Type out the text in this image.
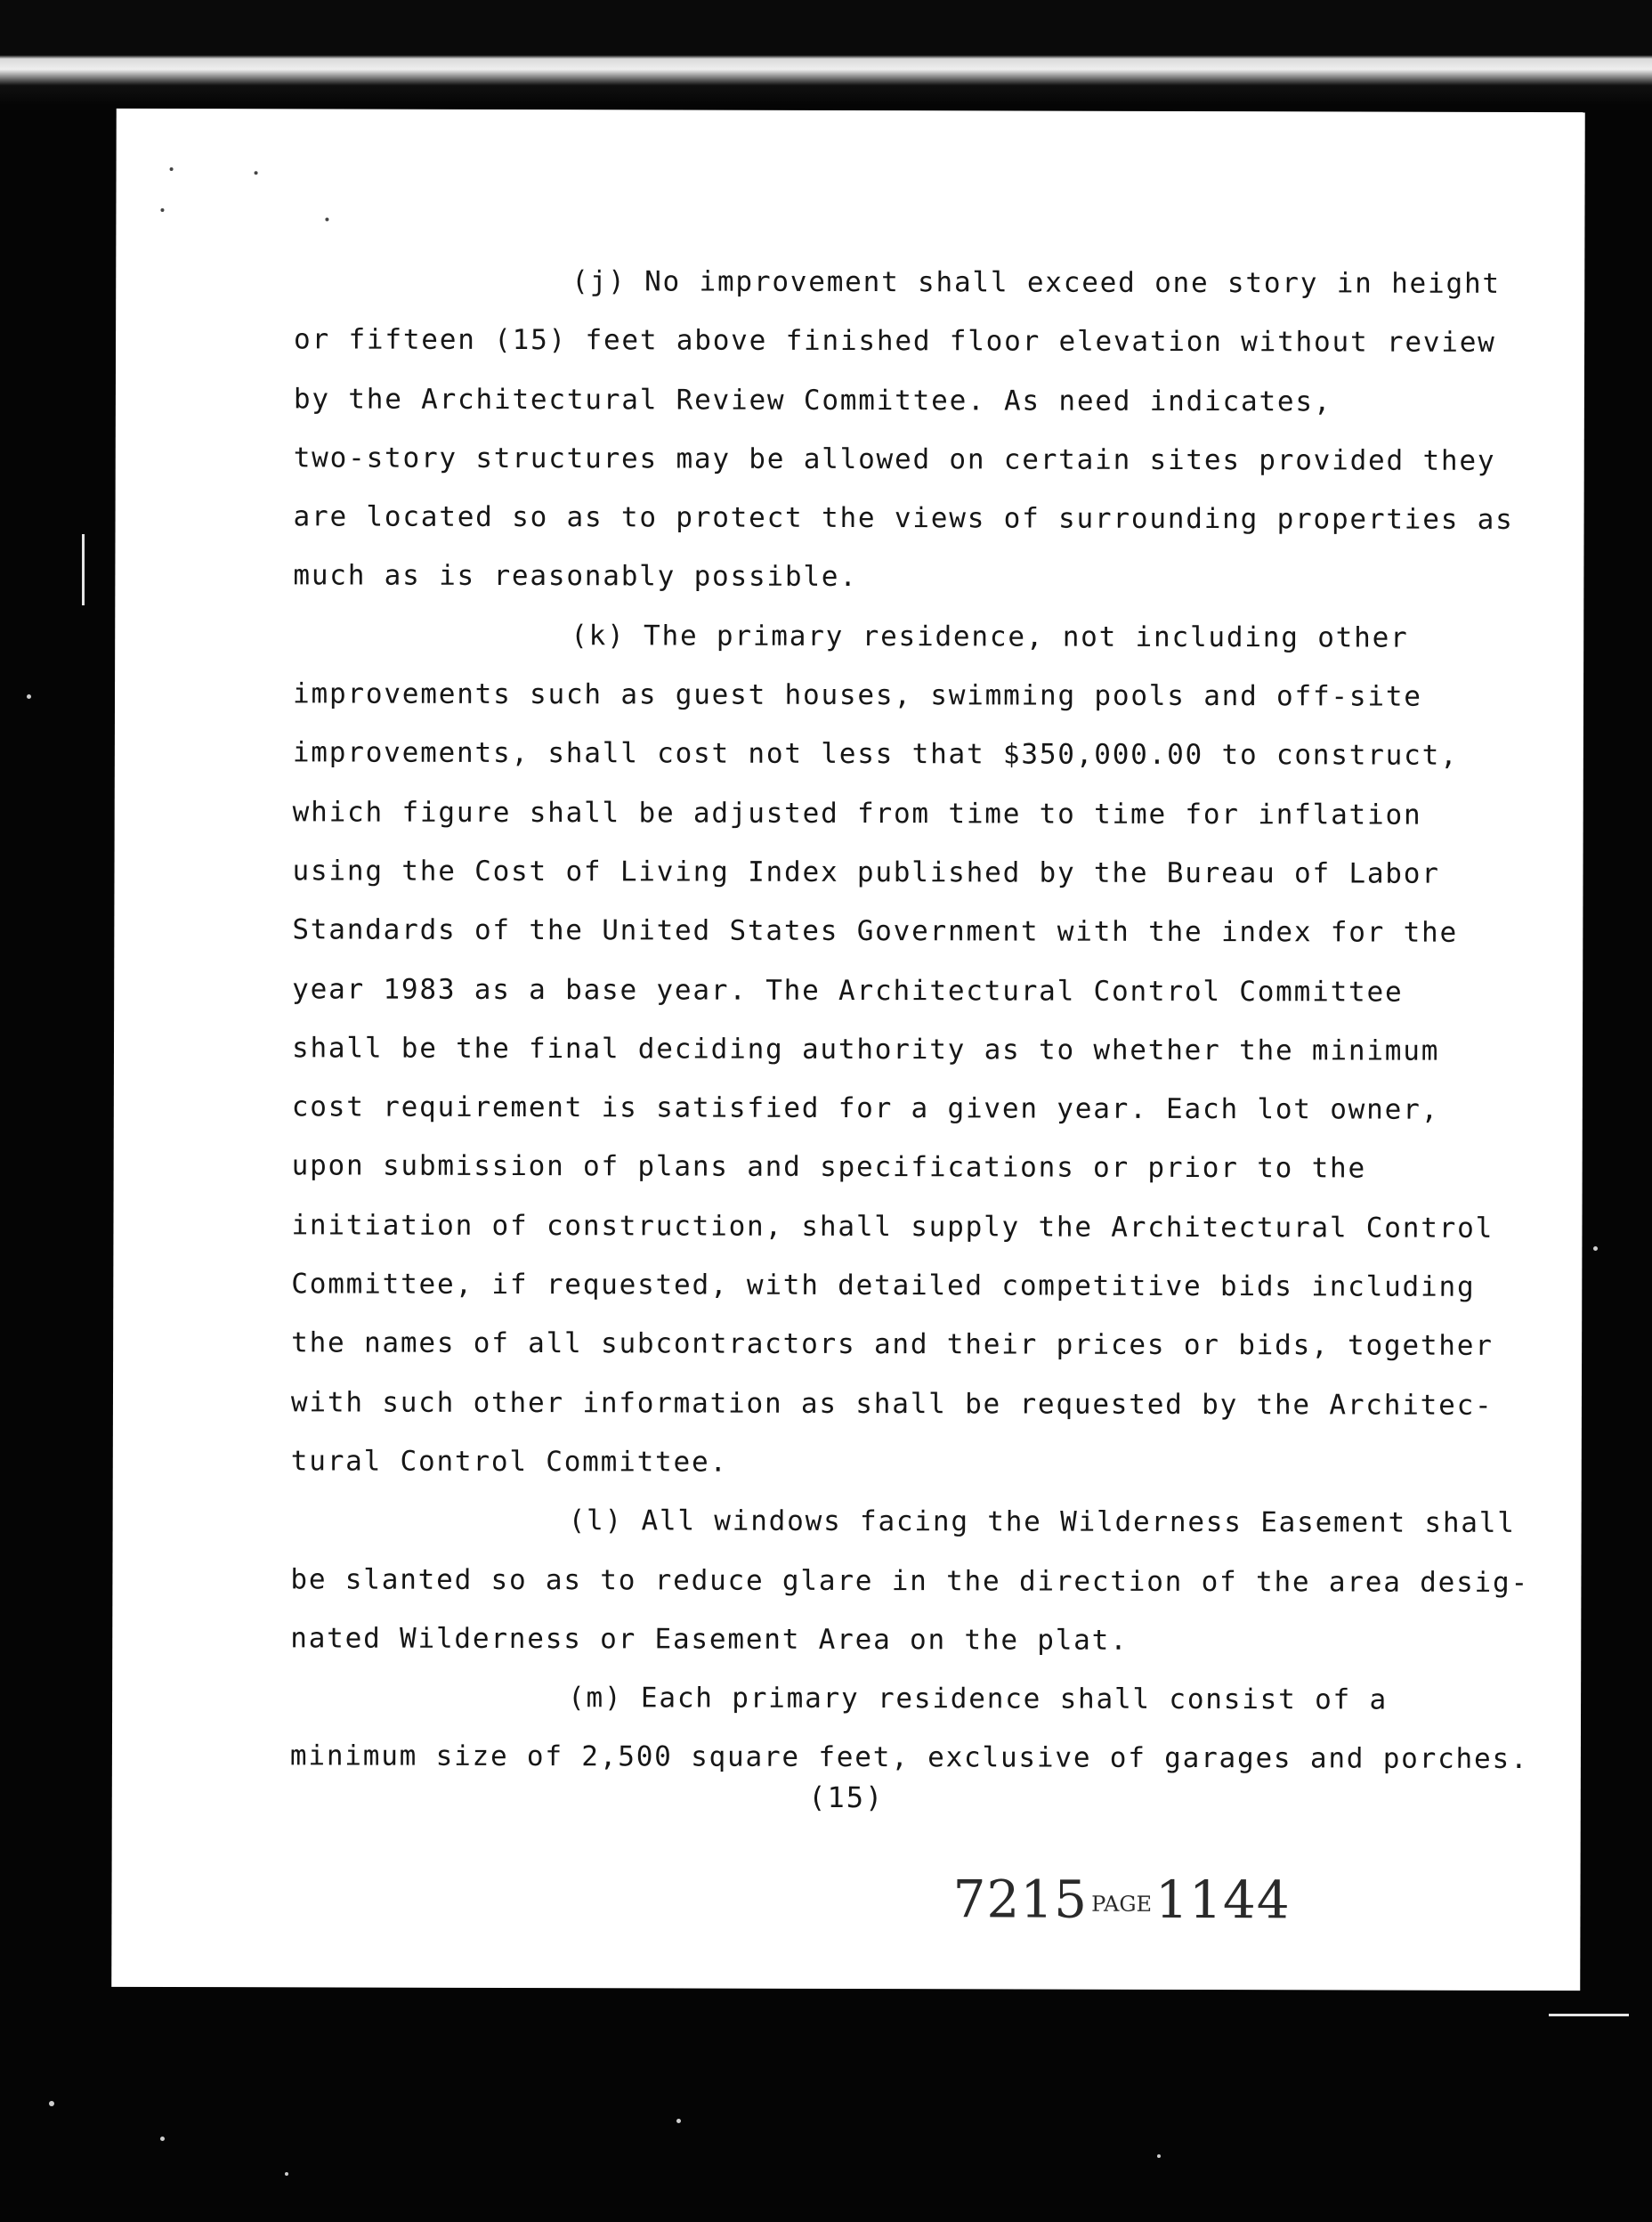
(j) No improvement shall exceed one story in height
or fifteen (15) feet above finished floor elevation without review
by the Architectural Review Committee. As need indicates,
two-story structures may be allowed on certain sites provided they
are located so as to protect the views of surrounding properties as
much as is reasonably possible.
(k) The primary residence, not including other
improvements such as guest houses, swimming pools and off-site
improvements, shall cost not less that $350,000.00 to construct,
which figure shall be adjusted from time to time for inflation
using the Cost of Living Index published by the Bureau of Labor
Standards of the United States Government with the index for the
year 1983 as a base year. The Architectural Control Committee
shall be the final deciding authority as to whether the minimum
cost requirement is satisfied for a given year. Each lot owner,
upon submission of plans and specifications or prior to the
initiation of construction, shall supply the Architectural Control
Committee, if requested, with detailed competitive bids including
the names of all subcontractors and their prices or bids, together
with such other information as shall be requested by the Architec-
tural Control Committee.
(l) All windows facing the Wilderness Easement shall
be slanted so as to reduce glare in the direction of the area desig-
nated Wilderness or Easement Area on the plat.
(m) Each primary residence shall consist of a
minimum size of 2,500 square feet, exclusive of garages and porches.
(15)
7215 PAGE1144
